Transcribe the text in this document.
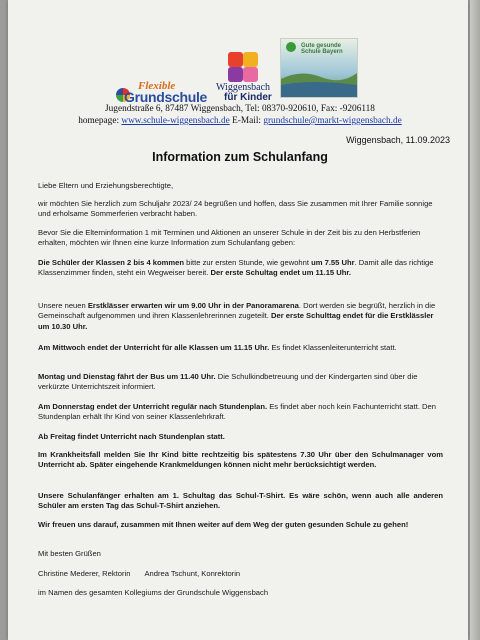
Flexible
Grundschule
Wiggensbach
für Kinder
Gute gesunde Schule Bayern
Jugendstraße 6, 87487 Wiggensbach, Tel: 08370-920610, Fax: -9206118
homepage: www.schule-wiggensbach.de E-Mail: grundschule@markt-wiggensbach.de
Wiggensbach, 11.09.2023
Information zum Schulanfang
Liebe Eltern und Erziehungsberechtigte,
wir möchten Sie herzlich zum Schuljahr 2023/ 24 begrüßen und hoffen, dass Sie zusammen mit Ihrer Familie sonnige und erholsame Sommerferien verbracht haben.
Bevor Sie die Elterninformation 1 mit Terminen und Aktionen an unserer Schule in der Zeit bis zu den Herbstferien erhalten, möchten wir Ihnen eine kurze Information zum Schulanfang geben:
Die Schüler der Klassen 2 bis 4 kommen bitte zur ersten Stunde, wie gewohnt um 7.55 Uhr. Damit alle das richtige Klassenzimmer finden, steht ein Wegweiser bereit. Der erste Schultag endet um 11.15 Uhr.
Unsere neuen Erstklässer erwarten wir um 9.00 Uhr in der Panoramarena. Dort werden sie begrüßt, herzlich in die Gemeinschaft aufgenommen und ihren Klassenlehrerinnen zugeteilt. Der erste Schulttag endet für die Erstklässler um 10.30 Uhr.
Am Mittwoch endet der Unterricht für alle Klassen um 11.15 Uhr. Es findet Klassenleiterunterricht statt.
Montag und Dienstag fährt der Bus um 11.40 Uhr. Die Schulkindbetreuung und der Kindergarten sind über die verkürzte Unterrichtszeit informiert.
Am Donnerstag endet der Unterricht regulär nach Stundenplan. Es findet aber noch kein Fachunterricht statt. Den Stundenplan erhält Ihr Kind von seiner Klassenlehrkraft.
Ab Freitag findet Unterricht nach Stundenplan statt.
Im Krankheitsfall melden Sie Ihr Kind bitte rechtzeitig bis spätestens 7.30 Uhr über den Schulmanager vom Unterricht ab. Später eingehende Krankmeldungen können nicht mehr berücksichtigt werden.
Unsere Schulanfänger erhalten am 1. Schultag das Schul-T-Shirt. Es wäre schön, wenn auch alle anderen Schüler am ersten Tag das Schul-T-Shirt anziehen.
Wir freuen uns darauf, zusammen mit Ihnen weiter auf dem Weg der guten gesunden Schule zu gehen!
Mit besten Grüßen
Christine Mederer, Rektorin Andrea Tschunt, Konrektorin
im Namen des gesamten Kollegiums der Grundschule Wiggensbach
